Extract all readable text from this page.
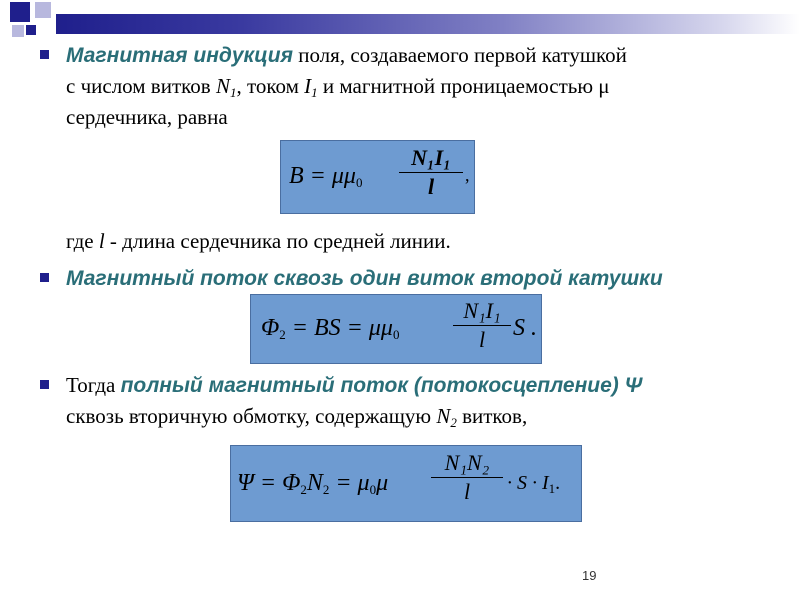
Магнитная индукция поля, создаваемого первой катушкой
с числом витков $N_1$, током $I_1$ и магнитной проницаемостью μ
сердечника, равна
$B = \mu\mu_0$
N₁I₁
l	,
где l - длина сердечника по средней линии.
Магнитный поток сквозь один виток второй катушки
$\Phi_2$ = BS = $\mu\mu_0$
N₁I₁
l	S .
Тогда полный магнитный поток (потокосцепление) Ψ
сквозь вторичную обмотку, содержащую $N_2$ витков,
$\Psi = \Phi_2N_2 = \mu_0\mu$
N₁N₂
l	· $S \cdot I_1$.
19
